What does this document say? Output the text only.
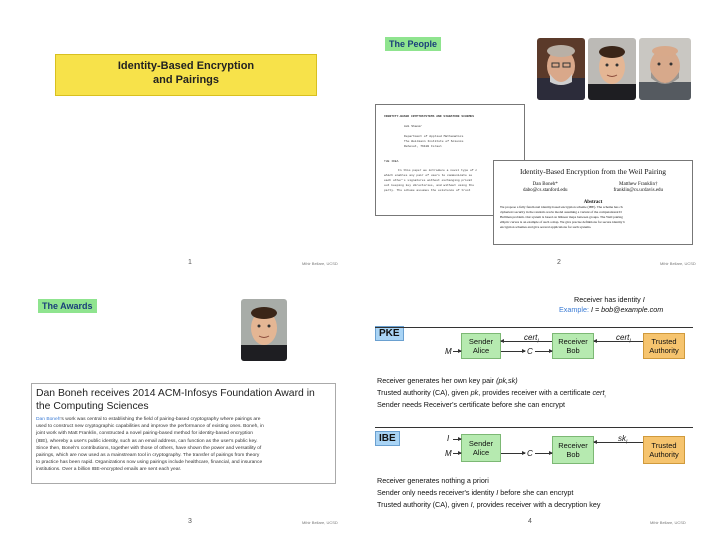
Identity-Based Encryption
and Pairings
1	Mihir Bellare, UCSD
The People
IDENTITY-BASED CRYPTOSYSTEMS AND SIGNATURE SCHEMES
Adi Shamir
Department of Applied Mathematics
The Weizmann Institute of Science
Rehovot, 76100 Israel
THE IDEA
In this paper we introduce a novel type of c
which enables any pair of users to communicate se
each other's signatures without exchanging privat
out keeping key directories, and without using the
party. The scheme assumes the existence of trust
Identity-Based Encryption from the Weil Pairing
Dan Boneh*
dabo@cs.stanford.edu
Matthew Franklin†
franklin@cs.ucdavis.edu
Abstract
We propose a fully functional identity-based encryption scheme (IBE). The scheme has ch
ciphertext security in the random oracle model assuming a variant of the computational D
Hellman problem. Our system is based on bilinear maps between groups. The Weil pairing
elliptic curves is an example of such a map. We give precise definitions for secure identity b
encryption schemes and give several applications for such systems.
2	Mihir Bellare, UCSD
The Awards
Dan Boneh receives 2014 ACM-Infosys Foundation Award in the Computing Sciences
Dan Boneh's work was central to establishing the field of pairing-based cryptography where pairings are
used to construct new cryptographic capabilities and improve the performance of existing ones. Boneh, in
joint work with Matt Franklin, constructed a novel pairing-based method for identity-based encryption
(IBE), whereby a user's public identity, such as an email address, can function as the user's public key.
Since then, Boneh's contributions, together with those of others, have shown the power and versatility of
pairings, which are now used as a mainstream tool in cryptography. The transfer of pairings from theory
to practice has been rapid. Organizations now using pairings include healthcare, financial, and insurance
institutions. Over a billion IBE-encrypted emails are sent each year.
3	Mihir Bellare, UCSD
Receiver has identity I
Example: I = bob@example.com
PKE
Sender
Alice
Receiver
Bob
Trusted
Authority
cert$_I$	cert$_I$
M	C
Receiver generates her own key pair (pk,sk)
Trusted authority (CA), given pk, provides receiver with a certificate cert$_I$
Sender needs Receiver's certificate before she can encrypt
IBE	Sender
Alice
Receiver
Bob
Trusted
Authority
I	$sk_I$
M	C
Receiver generates nothing a priori
Sender only needs receiver's identity I before she can encrypt
Trusted authority (CA), given I, provides receiver with a decryption key
4	Mihir Bellare, UCSD
